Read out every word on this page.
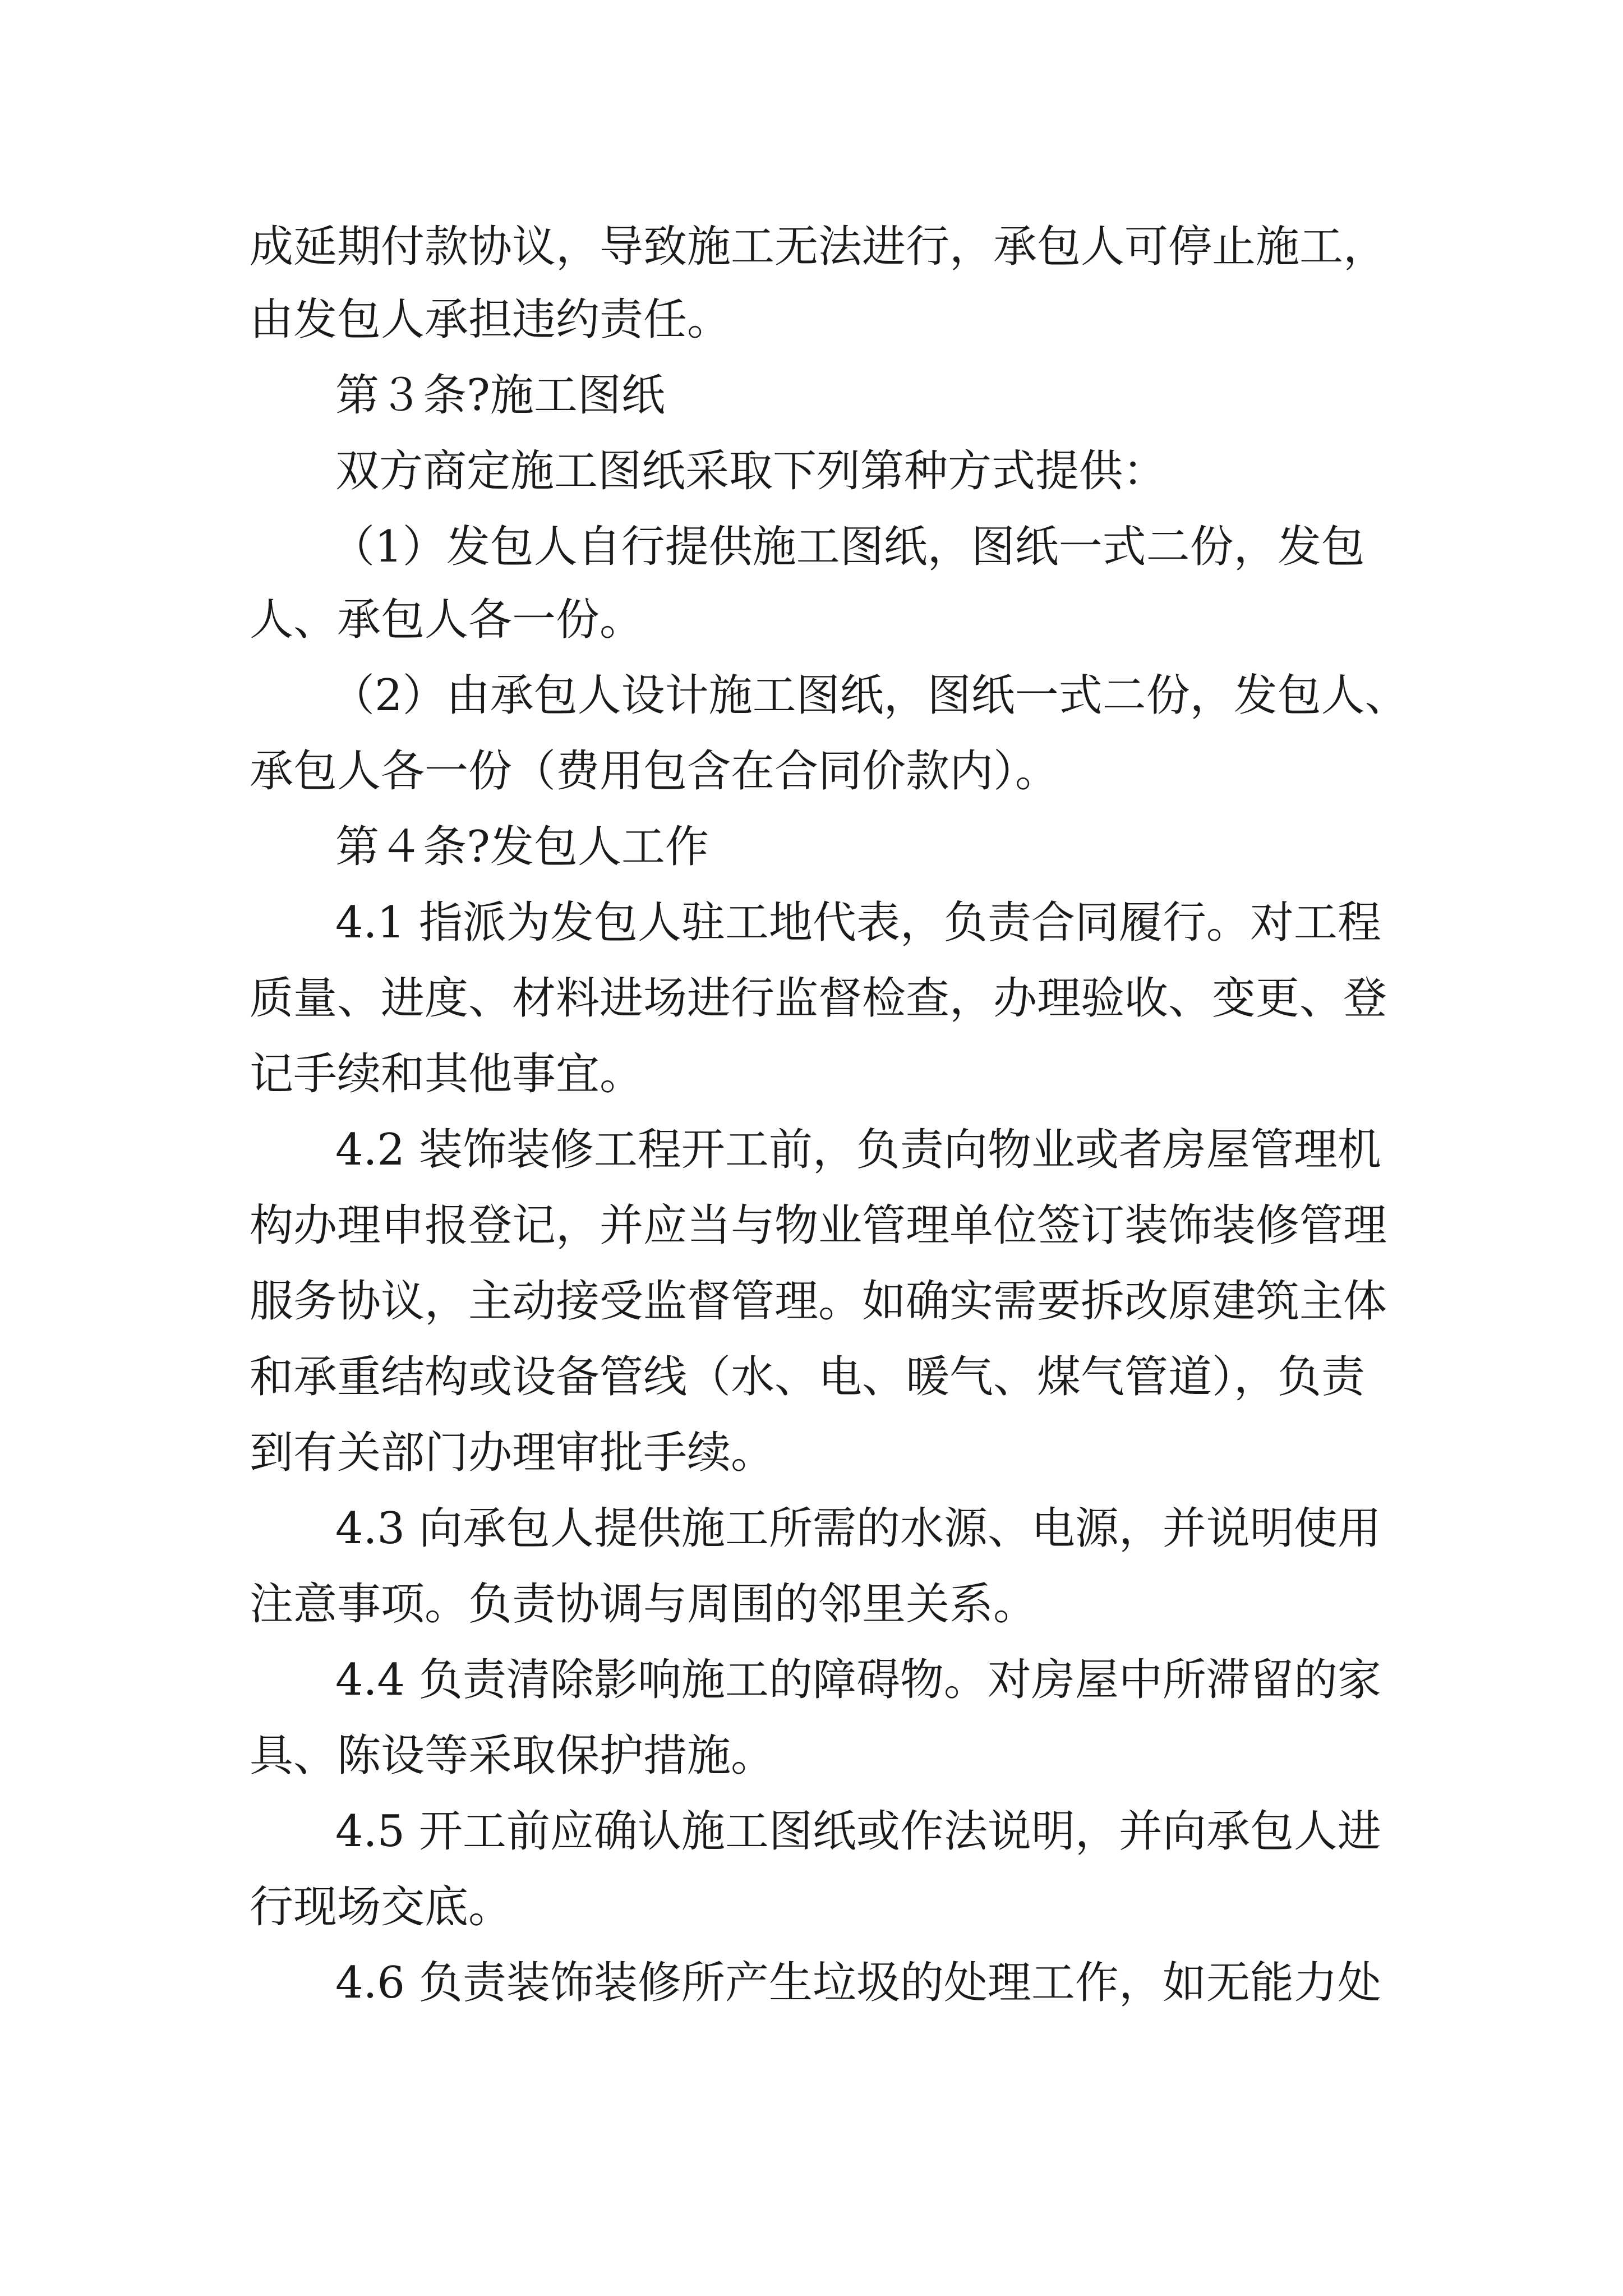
成延期付款协议，导致施工无法进行，承包人可停止施工，
由发包人承担违约责任。
第３条?施工图纸
双方商定施工图纸采取下列第种方式提供：
（1）发包人自行提供施工图纸，图纸一式二份，发包
人、承包人各一份。
（2）由承包人设计施工图纸，图纸一式二份，发包人、
承包人各一份（费用包含在合同价款内）。
第４条?发包人工作
4.1 指派为发包人驻工地代表，负责合同履行。对工程
质量、进度、材料进场进行监督检查，办理验收、变更、登
记手续和其他事宜。
4.2 装饰装修工程开工前，负责向物业或者房屋管理机
构办理申报登记，并应当与物业管理单位签订装饰装修管理
服务协议，主动接受监督管理。如确实需要拆改原建筑主体
和承重结构或设备管线（水、电、暖气、煤气管道），负责
到有关部门办理审批手续。
4.3 向承包人提供施工所需的水源、电源，并说明使用
注意事项。负责协调与周围的邻里关系。
4.4 负责清除影响施工的障碍物。对房屋中所滞留的家
具、陈设等采取保护措施。
4.5 开工前应确认施工图纸或作法说明，并向承包人进
行现场交底。
4.6 负责装饰装修所产生垃圾的处理工作，如无能力处
